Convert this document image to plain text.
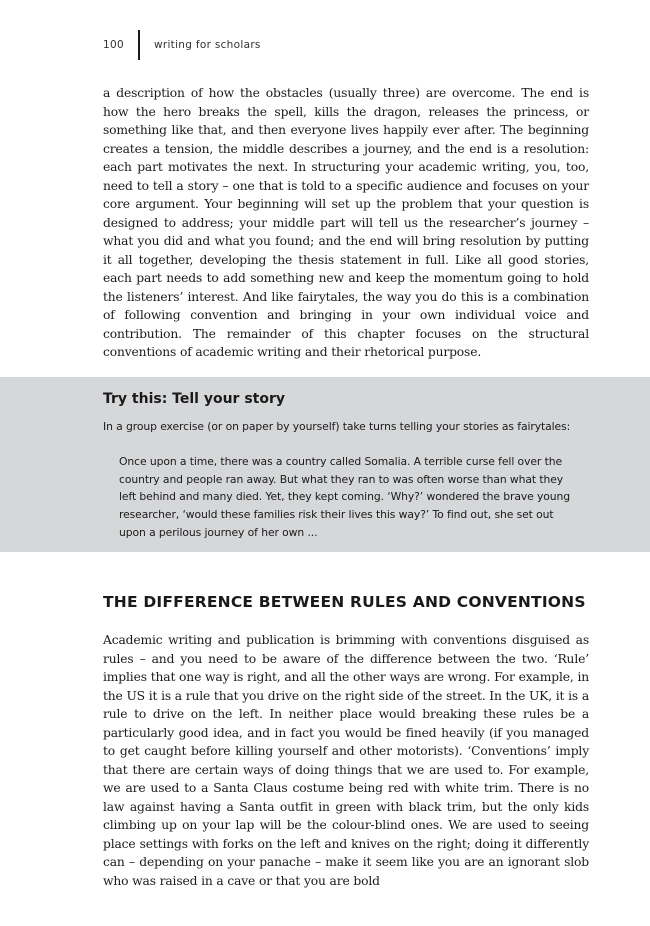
100	writing for scholars

a description of how the obstacles (usually three) are overcome. The end is how the hero breaks the spell, kills the dragon, releases the princess, or something like that, and then everyone lives happily ever after. The beginning creates a tension, the middle describes a journey, and the end is a resolution: each part motivates the next. In structuring your academic writing, you, too, need to tell a story – one that is told to a specific audience and focuses on your core argument. Your beginning will set up the problem that your question is designed to address; your middle part will tell us the researcher’s journey – what you did and what you found; and the end will bring resolution by putting it all together, developing the thesis statement in full. Like all good stories, each part needs to add something new and keep the momentum going to hold the listeners’ interest. And like fairytales, the way you do this is a combination of following convention and bringing in your own individual voice and contribution. The remainder of this chapter focuses on the structural conventions of academic writing and their rhetorical purpose.

Try this: Tell your story

In a group exercise (or on paper by yourself) take turns telling your stories as fairytales:

Once upon a time, there was a country called Somalia. A terrible curse fell over the country and people ran away. But what they ran to was often worse than what they left behind and many died. Yet, they kept coming. ‘Why?’ wondered the brave young researcher, ‘would these families risk their lives this way?’ To find out, she set out upon a perilous journey of her own ...

THE DIFFERENCE BETWEEN RULES AND CONVENTIONS

Academic writing and publication is brimming with conventions disguised as rules – and you need to be aware of the difference between the two. ‘Rule’ implies that one way is right, and all the other ways are wrong. For example, in the US it is a rule that you drive on the right side of the street. In the UK, it is a rule to drive on the left. In neither place would breaking these rules be a particularly good idea, and in fact you would be fined heavily (if you managed to get caught before killing yourself and other motorists). ‘Conventions’ imply that there are certain ways of doing things that we are used to. For example, we are used to a Santa Claus costume being red with white trim. There is no law against having a Santa outfit in green with black trim, but the only kids climbing up on your lap will be the colour-blind ones. We are used to seeing place settings with forks on the left and knives on the right; doing it differently can – depending on your panache – make it seem like you are an ignorant slob who was raised in a cave or that you are bold
